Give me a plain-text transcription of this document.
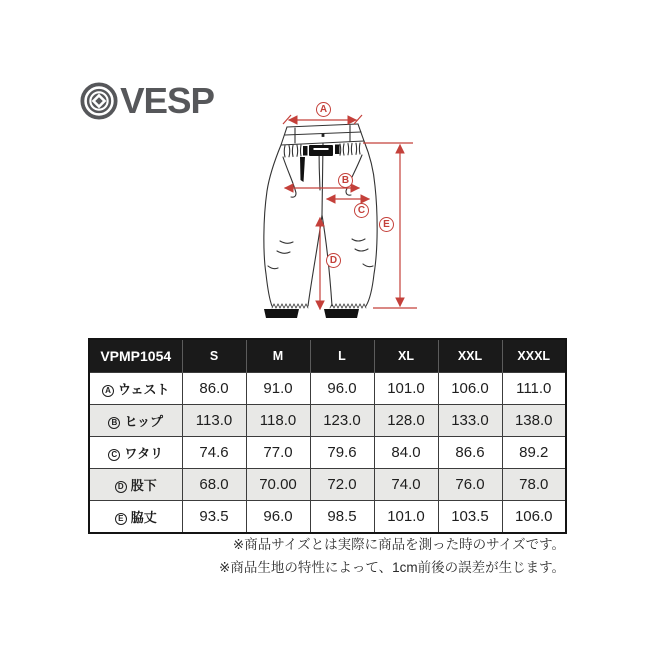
VESP	A
B
C
D
E
VPMP1054	S	M	L	XL	XXL	XXXL
A ウェスト	86.0	91.0	96.0	101.0	106.0	111.0
B ヒップ	113.0	118.0	123.0	128.0	133.0	138.0
C ワタリ	74.6	77.0	79.6	84.0	86.6	89.2
D 股下	68.0	70.00	72.0	74.0	76.0	78.0
E 脇丈	93.5	96.0	98.5	101.0	103.5	106.0
※商品サイズとは実際に商品を測った時のサイズです。
※商品生地の特性によって、1cm前後の誤差が生じます。
